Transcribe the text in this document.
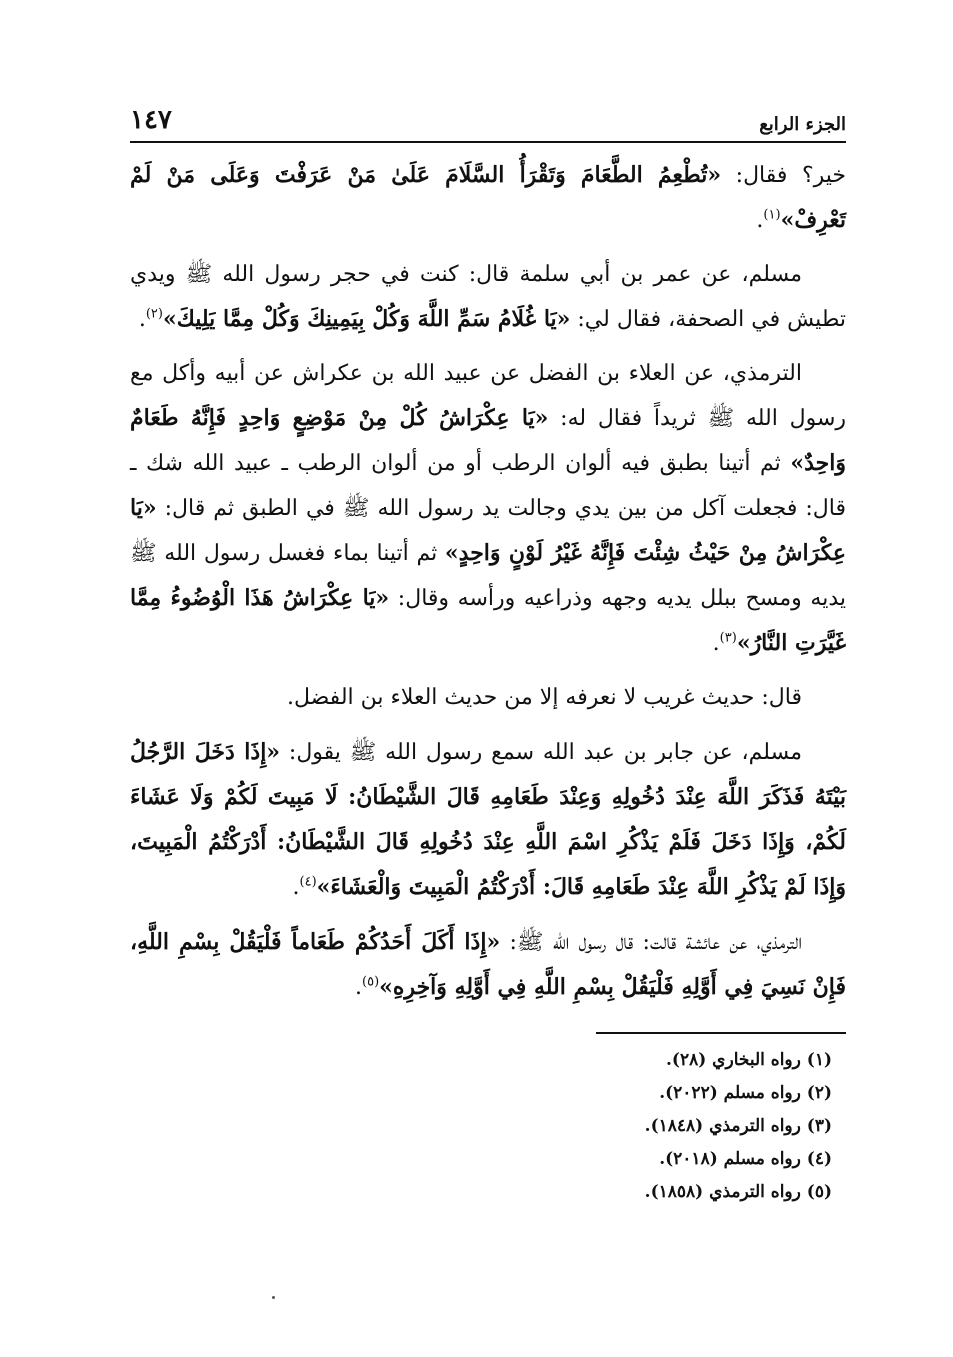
الجزء الرابع
١٤٧

خير؟ فقال: «تُطْعِمُ الطَّعَامَ وَتَقْرَأُ السَّلَامَ عَلَىٰ مَنْ عَرَفْتَ وَعَلَى مَنْ لَمْ تَعْرِفْ»$^{(١)}$.

مسلم، عن عمر بن أبي سلمة قال: كنت في حجر رسول الله ﷺ ويدي تطيش في الصحفة، فقال لي: «يَا غُلَامُ سَمِّ اللَّهَ وَكُلْ بِيَمِينِكَ وَكُلْ مِمَّا يَلِيكَ»$^{(٢)}$.

الترمذي، عن العلاء بن الفضل عن عبيد الله بن عكراش عن أبيه وأكل مع رسول الله ﷺ ثريداً فقال له: «يَا عِكْرَاشُ كُلْ مِنْ مَوْضِعٍ وَاحِدٍ فَإِنَّهُ طَعَامٌ وَاحِدٌ» ثم أتينا بطبق فيه ألوان الرطب أو من ألوان الرطب ـ عبيد الله شك ـ قال: فجعلت آكل من بين يدي وجالت يد رسول الله ﷺ في الطبق ثم قال: «يَا عِكْرَاشُ مِنْ حَيْثُ شِئْتَ فَإِنَّهُ غَيْرُ لَوْنٍ وَاحِدٍ» ثم أتينا بماء فغسل رسول الله ﷺ يديه ومسح ببلل يديه وجهه وذراعيه ورأسه وقال: «يَا عِكْرَاشُ هَذَا الْوُضُوءُ مِمَّا غَيَّرَتِ النَّارُ»$^{(٣)}$.

قال: حديث غريب لا نعرفه إلا من حديث العلاء بن الفضل.

مسلم، عن جابر بن عبد الله سمع رسول الله ﷺ يقول: «إِذَا دَخَلَ الرَّجُلُ بَيْتَهُ فَذَكَرَ اللَّهَ عِنْدَ دُخُولِهِ وَعِنْدَ طَعَامِهِ قَالَ الشَّيْطَانُ: لَا مَبِيتَ لَكُمْ وَلَا عَشَاءَ لَكُمْ، وَإِذَا دَخَلَ فَلَمْ يَذْكُرِ اسْمَ اللَّهِ عِنْدَ دُخُولِهِ قَالَ الشَّيْطَانُ: أَدْرَكْتُمُ الْمَبِيتَ، وَإِذَا لَمْ يَذْكُرِ اللَّهَ عِنْدَ طَعَامِهِ قَالَ: أَدْرَكْتُمُ الْمَبِيتَ وَالْعَشَاءَ»$^{(٤)}$.

الترمذي، عن عائشة قالت: قال رسول الله ﷺ: «إِذَا أَكَلَ أَحَدُكُمْ طَعَاماً فَلْيَقُلْ بِسْمِ اللَّهِ، فَإِنْ نَسِيَ فِي أَوَّلِهِ فَلْيَقُلْ بِسْمِ اللَّهِ فِي أَوَّلِهِ وَآخِرِهِ»$^{(٥)}$.

(١) رواه البخاري (٢٨).
(٢) رواه مسلم (٢٠٢٢).
(٣) رواه الترمذي (١٨٤٨).
(٤) رواه مسلم (٢٠١٨).
(٥) رواه الترمذي (١٨٥٨).
